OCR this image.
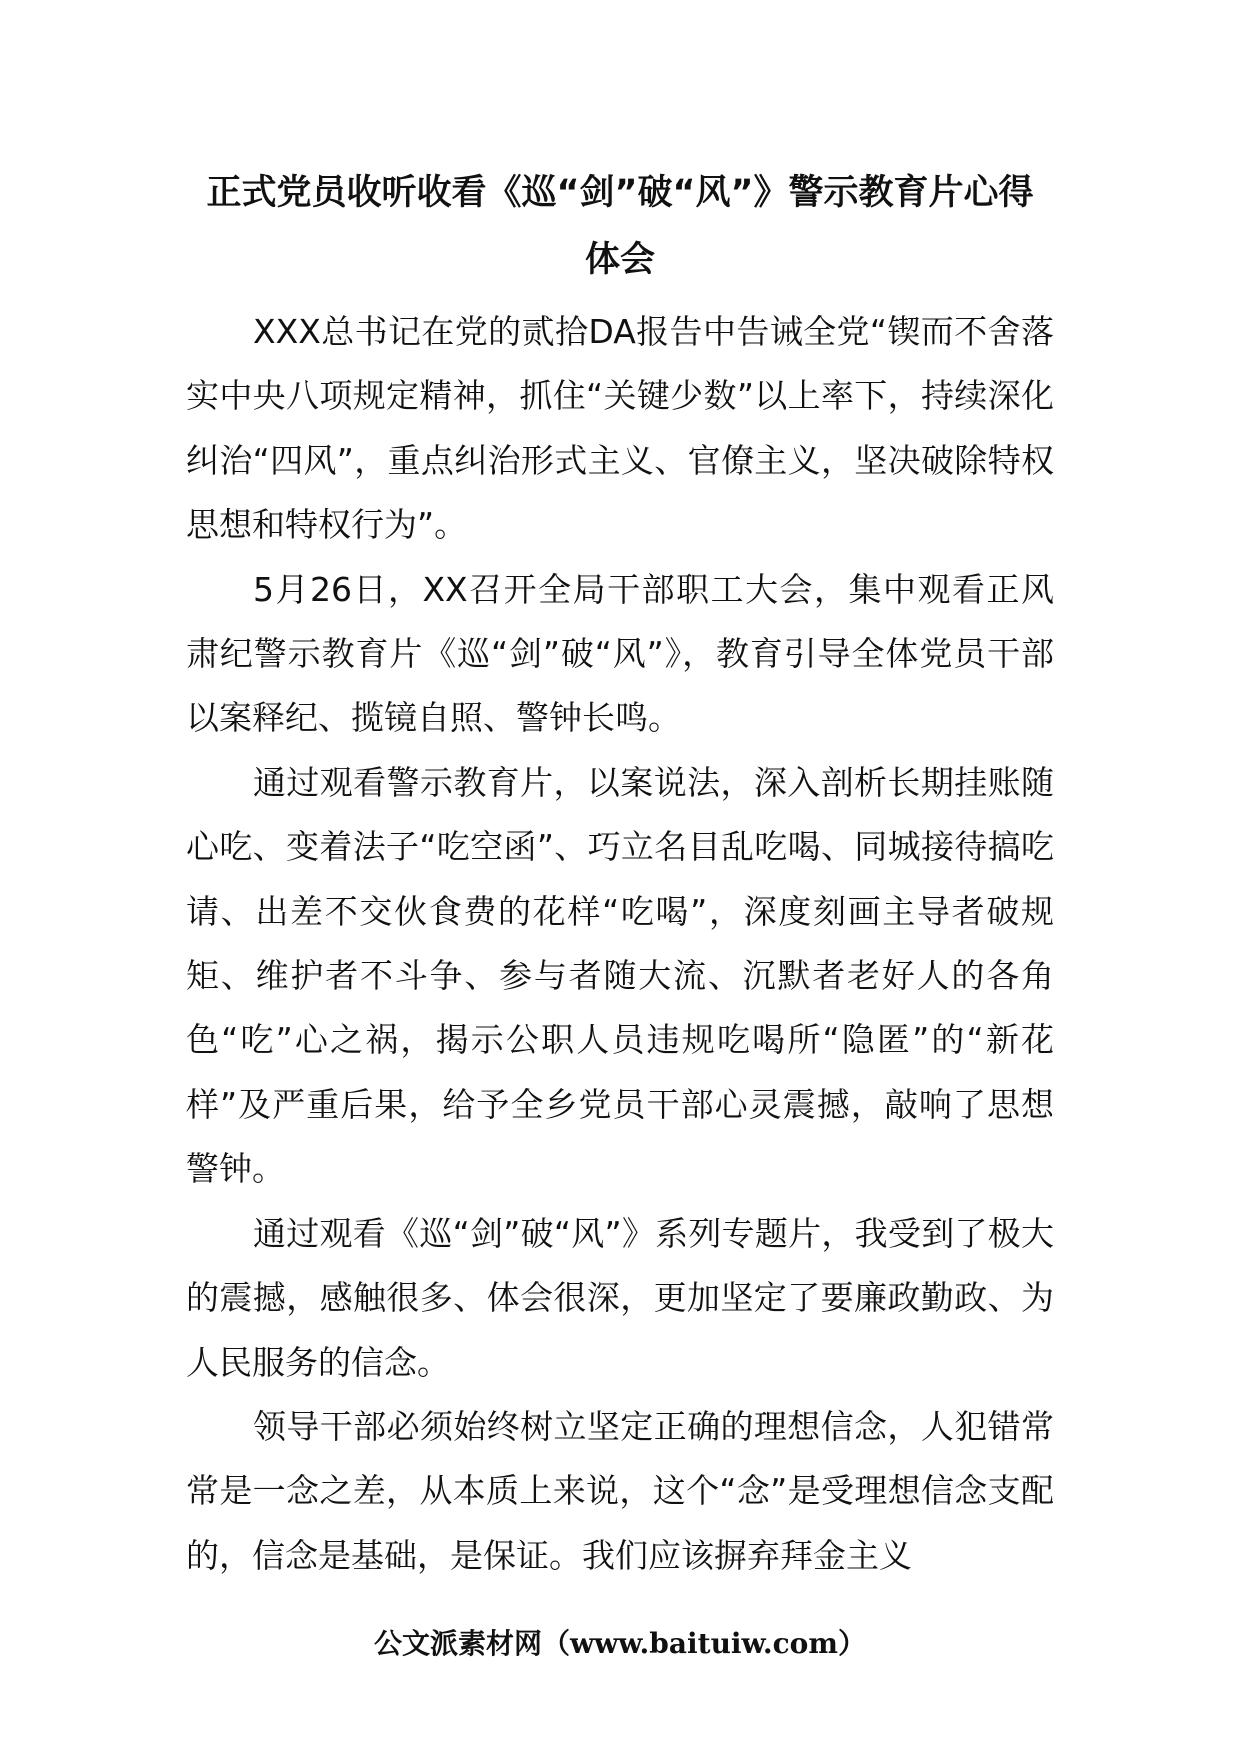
正式党员收听收看《巡“剑”破“风”》警示教育片心得
体会

XXX总书记在党的贰拾DA报告中告诫全党“锲而不舍落实中央八项规定精神，抓住“关键少数”以上率下，持续深化纠治“四风”，重点纠治形式主义、官僚主义，坚决破除特权思想和特权行为”。

5月26日，XX召开全局干部职工大会，集中观看正风肃纪警示教育片《巡“剑”破“风”》，教育引导全体党员干部以案释纪、揽镜自照、警钟长鸣。

通过观看警示教育片，以案说法，深入剖析长期挂账随心吃、变着法子“吃空函”、巧立名目乱吃喝、同城接待搞吃请、出差不交伙食费的花样“吃喝”，深度刻画主导者破规矩、维护者不斗争、参与者随大流、沉默者老好人的各角色“吃”心之祸，揭示公职人员违规吃喝所“隐匿”的“新花样”及严重后果，给予全乡党员干部心灵震撼，敲响了思想警钟。

通过观看《巡“剑”破“风”》系列专题片，我受到了极大的震撼，感触很多、体会很深，更加坚定了要廉政勤政、为人民服务的信念。

领导干部必须始终树立坚定正确的理想信念，人犯错常常是一念之差，从本质上来说，这个“念”是受理想信念支配的，信念是基础，是保证。我们应该摒弃拜金主义

公文派素材网（www.baituiw.com）
